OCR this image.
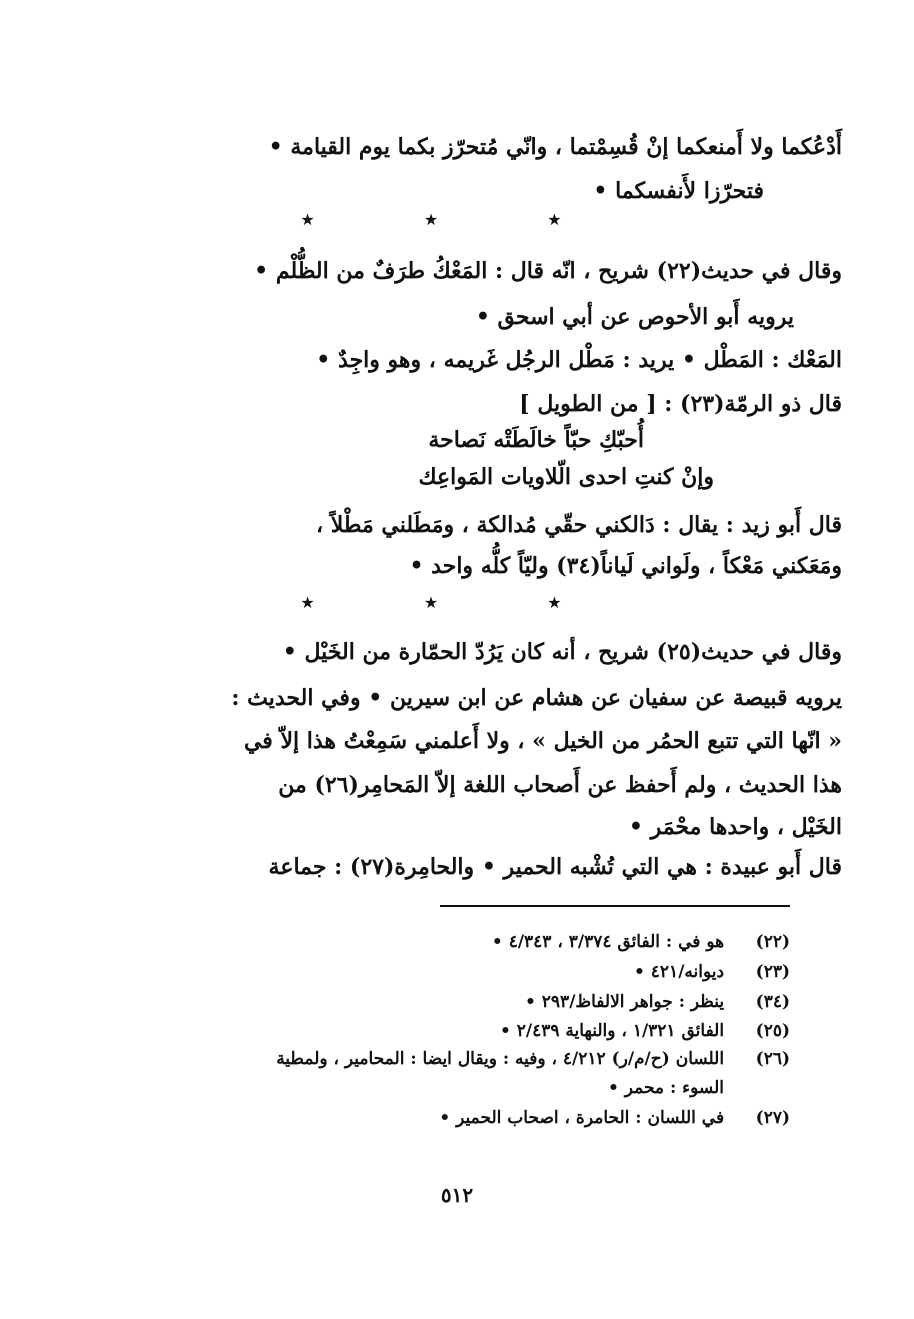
أَدْعُكما ولا أَمنعكما إنْ قُسِمْتما ، وانّي مُتحرّز بكما يوم القيامة •
فتحرّزا لأَنفسكما •
★ ★ ★
وقال في حديث(٢٢) شريح ، انّه قال : المَعْكُ طرَفٌ من الظُّلْم •
يرويه أَبو الأحوص عن أبي اسحق •
المَعْك : المَطْل • يريد : مَطْل الرجُل غَريمه ، وهو واجِدٌ •
قال ذو الرمّة(٢٣) : [ من الطويل ]
أُحبّكِ حبّاً خالَطَتْه نَصاحة
وإنْ كنتِ احدى الّلاويات المَواعِك
قال أَبو زيد : يقال : دَالكني حقّي مُدالكة ، ومَطَلني مَطْلاً ،
ومَعَكني مَعْكاً ، ولَواني لَياناً(٣٤) وليّاً كلُّه واحد •
★ ★ ★
وقال في حديث(٢٥) شريح ، أنه كان يَرُدّ الحمّارة من الخَيْل •
يرويه قبيصة عن سفيان عن هشام عن ابن سيرين • وفي الحديث :
« انّها التي تتبع الحمُر من الخيل » ، ولا أَعلمني سَمِعْتُ هذا إلاّ في
هذا الحديث ، ولم أَحفظ عن أَصحاب اللغة إلاّ المَحامِر(٢٦) من
الخَيْل ، واحدها محْمَر •
قال أَبو عبيدة : هي التي تُشْبه الحمير • والحامِرة(٢٧) : جماعة
(٢٢) هو في : الفائق ٣/٣٧٤ ، ٤/٣٤٣ •
(٢٣) ديوانه/٤٢١ •
(٣٤) ينظر : جواهر الالفاظ/٢٩٣ •
(٢٥) الفائق ١/٣٢١ ، والنهاية ٢/٤٣٩ •
(٢٦) اللسان (ح/م/ر) ٤/٢١٢ ، وفيه : ويقال ايضا : المحامير ، ولمطية
السوء : محمر •
(٢٧) في اللسان : الحامرة ، اصحاب الحمير •
٥١٢
